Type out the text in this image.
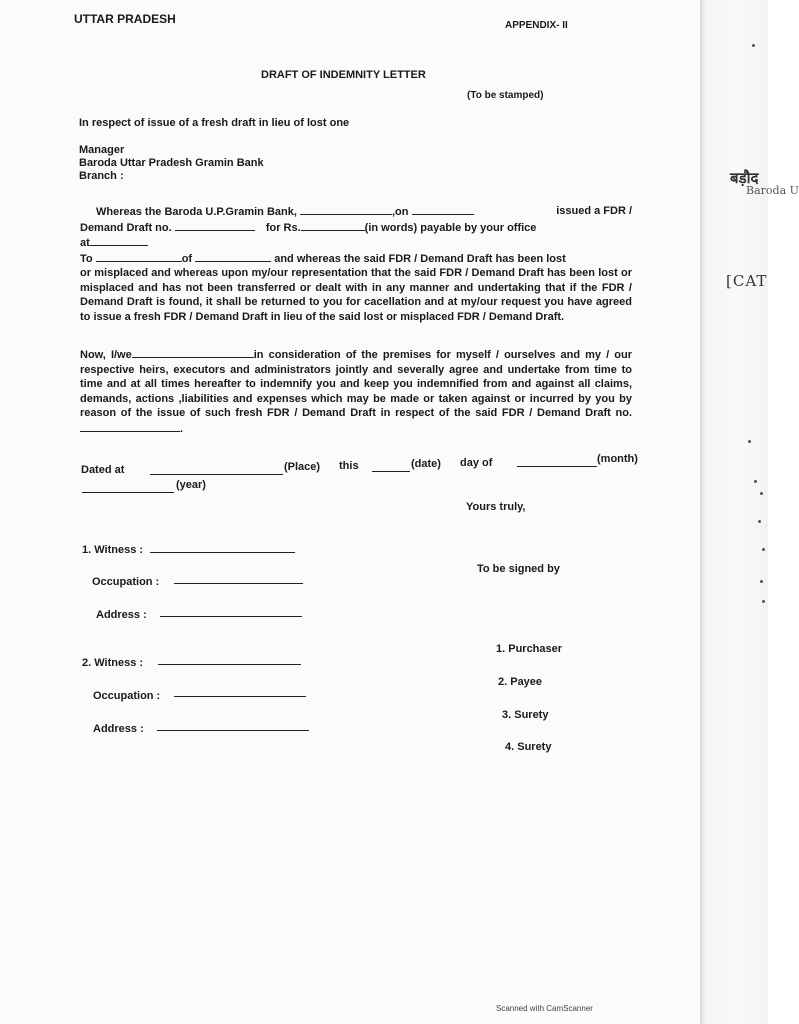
UTTAR PRADESH	APPENDIX- II
DRAFT OF INDEMNITY LETTER
(To be stamped)
In respect of issue of a fresh draft in lieu of lost one
Manager
Baroda Uttar Pradesh Gramin Bank
Branch :

Whereas the Baroda U.P.Gramin Bank,	,on	issued a FDR /

Demand Draft no.	for Rs.	(in words) payable by your office

at

To	of	and whereas the said FDR / Demand Draft has been lost

or misplaced and whereas upon my/our representation that the said FDR / Demand Draft has been lost or misplaced and has not been transferred or dealt with in any manner and undertaking that if the FDR / Demand Draft is found, it shall be returned to you for cacellation and at my/our request you have agreed to issue a fresh FDR / Demand Draft in lieu of the said lost or misplaced FDR / Demand Draft.

Now, I/we	in consideration of the premises for myself / ourselves and my / our respective heirs, executors and administrators jointly and severally agree and undertake from time to time and at all times hereafter to indemnify you and keep you indemnified from and against all claims, demands, actions ,liabilities and expenses which may be made or taken against or incurred by you by reason of the issue of such fresh FDR / Demand Draft in respect of the said FDR / Demand Draft no..

Dated at	(Place) this	(date) day of	(month)
(year)
Yours truly,
1. Witness :
Occupation :
Address :
To be signed by
2. Witness :
Occupation :
Address :
1. Purchaser
2. Payee
3. Surety
4. Surety
Scanned with CamScanner
बड़ौद
Baroda U
[CAT
